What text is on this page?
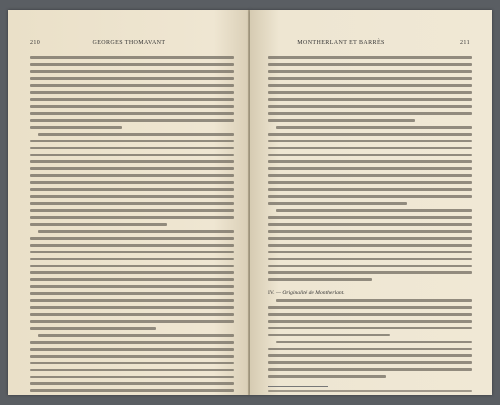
210	GEORGES THOMAVANT	MONTHERLANT ET BARRÈS	211
IV. — Originalité de Montherlant.
